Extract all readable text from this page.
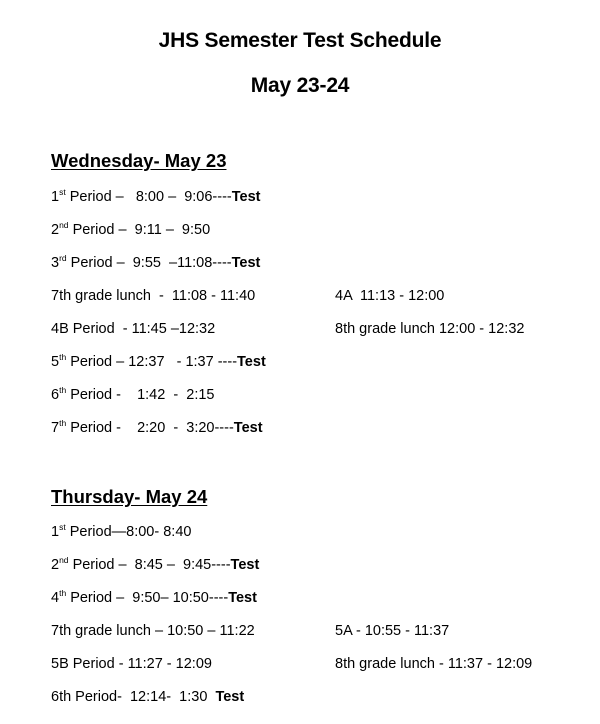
JHS Semester Test Schedule
May 23-24
Wednesday- May 23
1st Period –   8:00 –  9:06----Test
2nd Period –  9:11 –  9:50
3rd Period –  9:55  –11:08----Test
7th grade lunch  -  11:08 - 11:40	4A  11:13 - 12:00
4B Period  - 11:45 –12:32	8th grade lunch 12:00 - 12:32
5th Period – 12:37   - 1:37 ----Test
6th Period -    1:42  -  2:15
7th Period -    2:20  -  3:20----Test
Thursday- May 24
1st Period—8:00- 8:40
2nd Period –  8:45 –  9:45----Test
4th Period –  9:50– 10:50----Test
7th grade lunch – 10:50 – 11:22	5A - 10:55 - 11:37
5B Period - 11:27 - 12:09	8th grade lunch - 11:37 - 12:09
6th Period-  12:14-  1:30  Test
